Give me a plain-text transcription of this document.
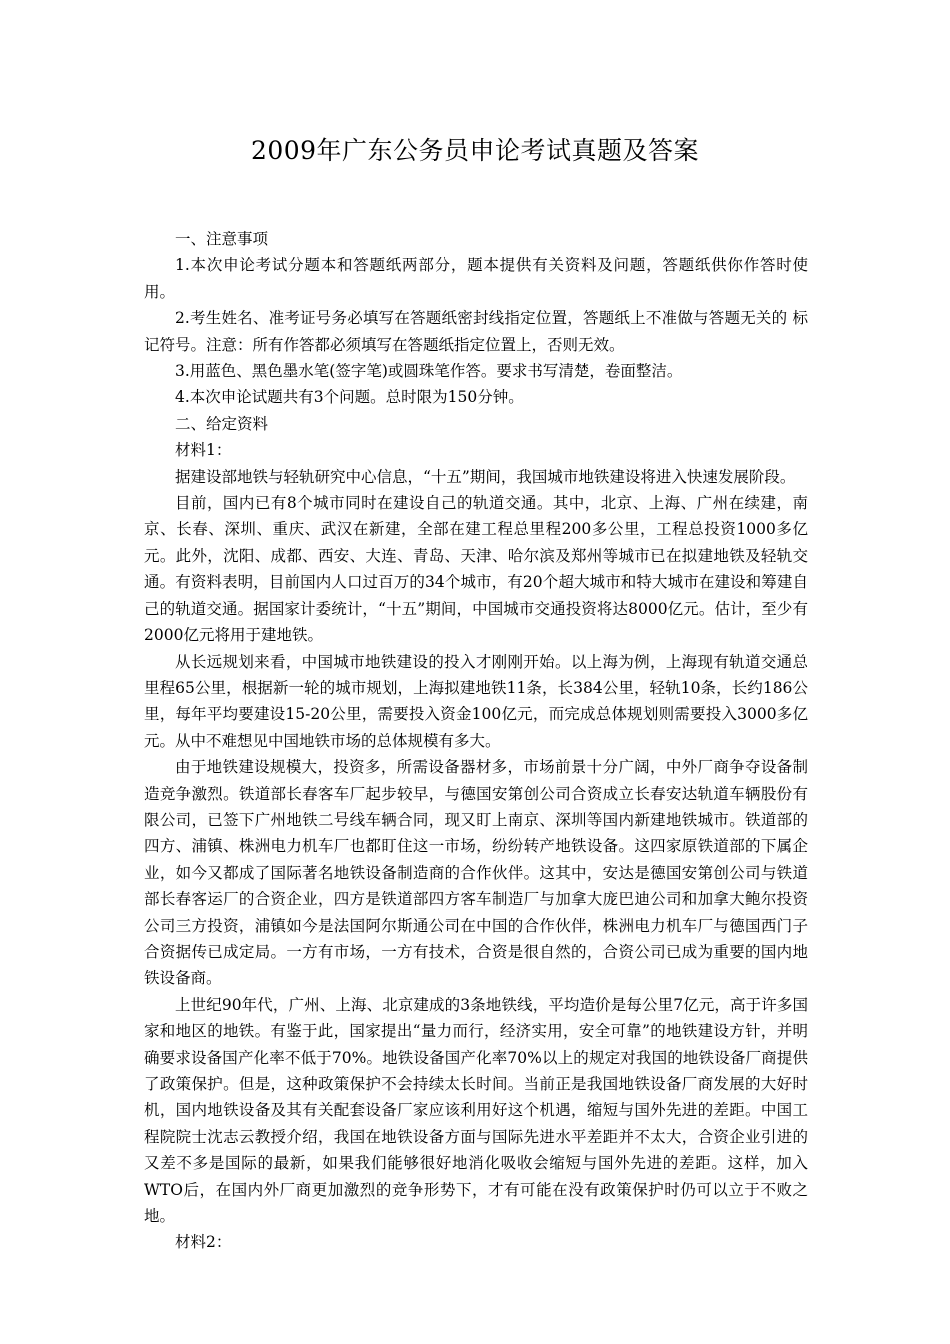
2009年广东公务员申论考试真题及答案

一、注意事项

1.本次申论考试分题本和答题纸两部分，题本提供有关资料及问题，答题纸供你作答时使用。

2.考生姓名、准考证号务必填写在答题纸密封线指定位置，答题纸上不准做与答题无关的 标记符号。注意：所有作答都必须填写在答题纸指定位置上，否则无效。

3.用蓝色、黑色墨水笔(签字笔)或圆珠笔作答。要求书写清楚，卷面整洁。

4.本次申论试题共有3个问题。总时限为150分钟。

二、给定资料

材料1：

据建设部地铁与轻轨研究中心信息，“十五”期间，我国城市地铁建设将进入快速发展阶段。

目前，国内已有8个城市同时在建设自己的轨道交通。其中，北京、上海、广州在续建，南京、长春、深圳、重庆、武汉在新建，全部在建工程总里程200多公里，工程总投资1000多亿元。此外，沈阳、成都、西安、大连、青岛、天津、哈尔滨及郑州等城市已在拟建地铁及轻轨交通。有资料表明，目前国内人口过百万的34个城市，有20个超大城市和特大城市在建设和筹建自己的轨道交通。据国家计委统计，“十五”期间，中国城市交通投资将达8000亿元。估计，至少有2000亿元将用于建地铁。

从长远规划来看，中国城市地铁建设的投入才刚刚开始。以上海为例，上海现有轨道交通总里程65公里，根据新一轮的城市规划，上海拟建地铁11条，长384公里，轻轨10条，长约186公里，每年平均要建设15-20公里，需要投入资金100亿元，而完成总体规划则需要投入3000多亿元。从中不难想见中国地铁市场的总体规模有多大。

由于地铁建设规模大，投资多，所需设备器材多，市场前景十分广阔，中外厂商争夺设备制造竞争激烈。铁道部长春客车厂起步较早，与德国安第创公司合资成立长春安达轨道车辆股份有限公司，已签下广州地铁二号线车辆合同，现又盯上南京、深圳等国内新建地铁城市。铁道部的四方、浦镇、株洲电力机车厂也都盯住这一市场，纷纷转产地铁设备。这四家原铁道部的下属企业，如今又都成了国际著名地铁设备制造商的合作伙伴。这其中，安达是德国安第创公司与铁道部长春客运厂的合资企业，四方是铁道部四方客车制造厂与加拿大庞巴迪公司和加拿大鲍尔投资公司三方投资，浦镇如今是法国阿尔斯通公司在中国的合作伙伴，株洲电力机车厂与德国西门子合资据传已成定局。一方有市场，一方有技术，合资是很自然的，合资公司已成为重要的国内地铁设备商。

上世纪90年代，广州、上海、北京建成的3条地铁线，平均造价是每公里7亿元，高于许多国家和地区的地铁。有鉴于此，国家提出“量力而行，经济实用，安全可靠”的地铁建设方针，并明确要求设备国产化率不低于70%。地铁设备国产化率70%以上的规定对我国的地铁设备厂商提供了政策保护。但是，这种政策保护不会持续太长时间。当前正是我国地铁设备厂商发展的大好时机，国内地铁设备及其有关配套设备厂家应该利用好这个机遇，缩短与国外先进的差距。中国工程院院士沈志云教授介绍，我国在地铁设备方面与国际先进水平差距并不太大，合资企业引进的又差不多是国际的最新，如果我们能够很好地消化吸收会缩短与国外先进的差距。这样，加入WTO后，在国内外厂商更加激烈的竞争形势下，才有可能在没有政策保护时仍可以立于不败之地。

材料2：
